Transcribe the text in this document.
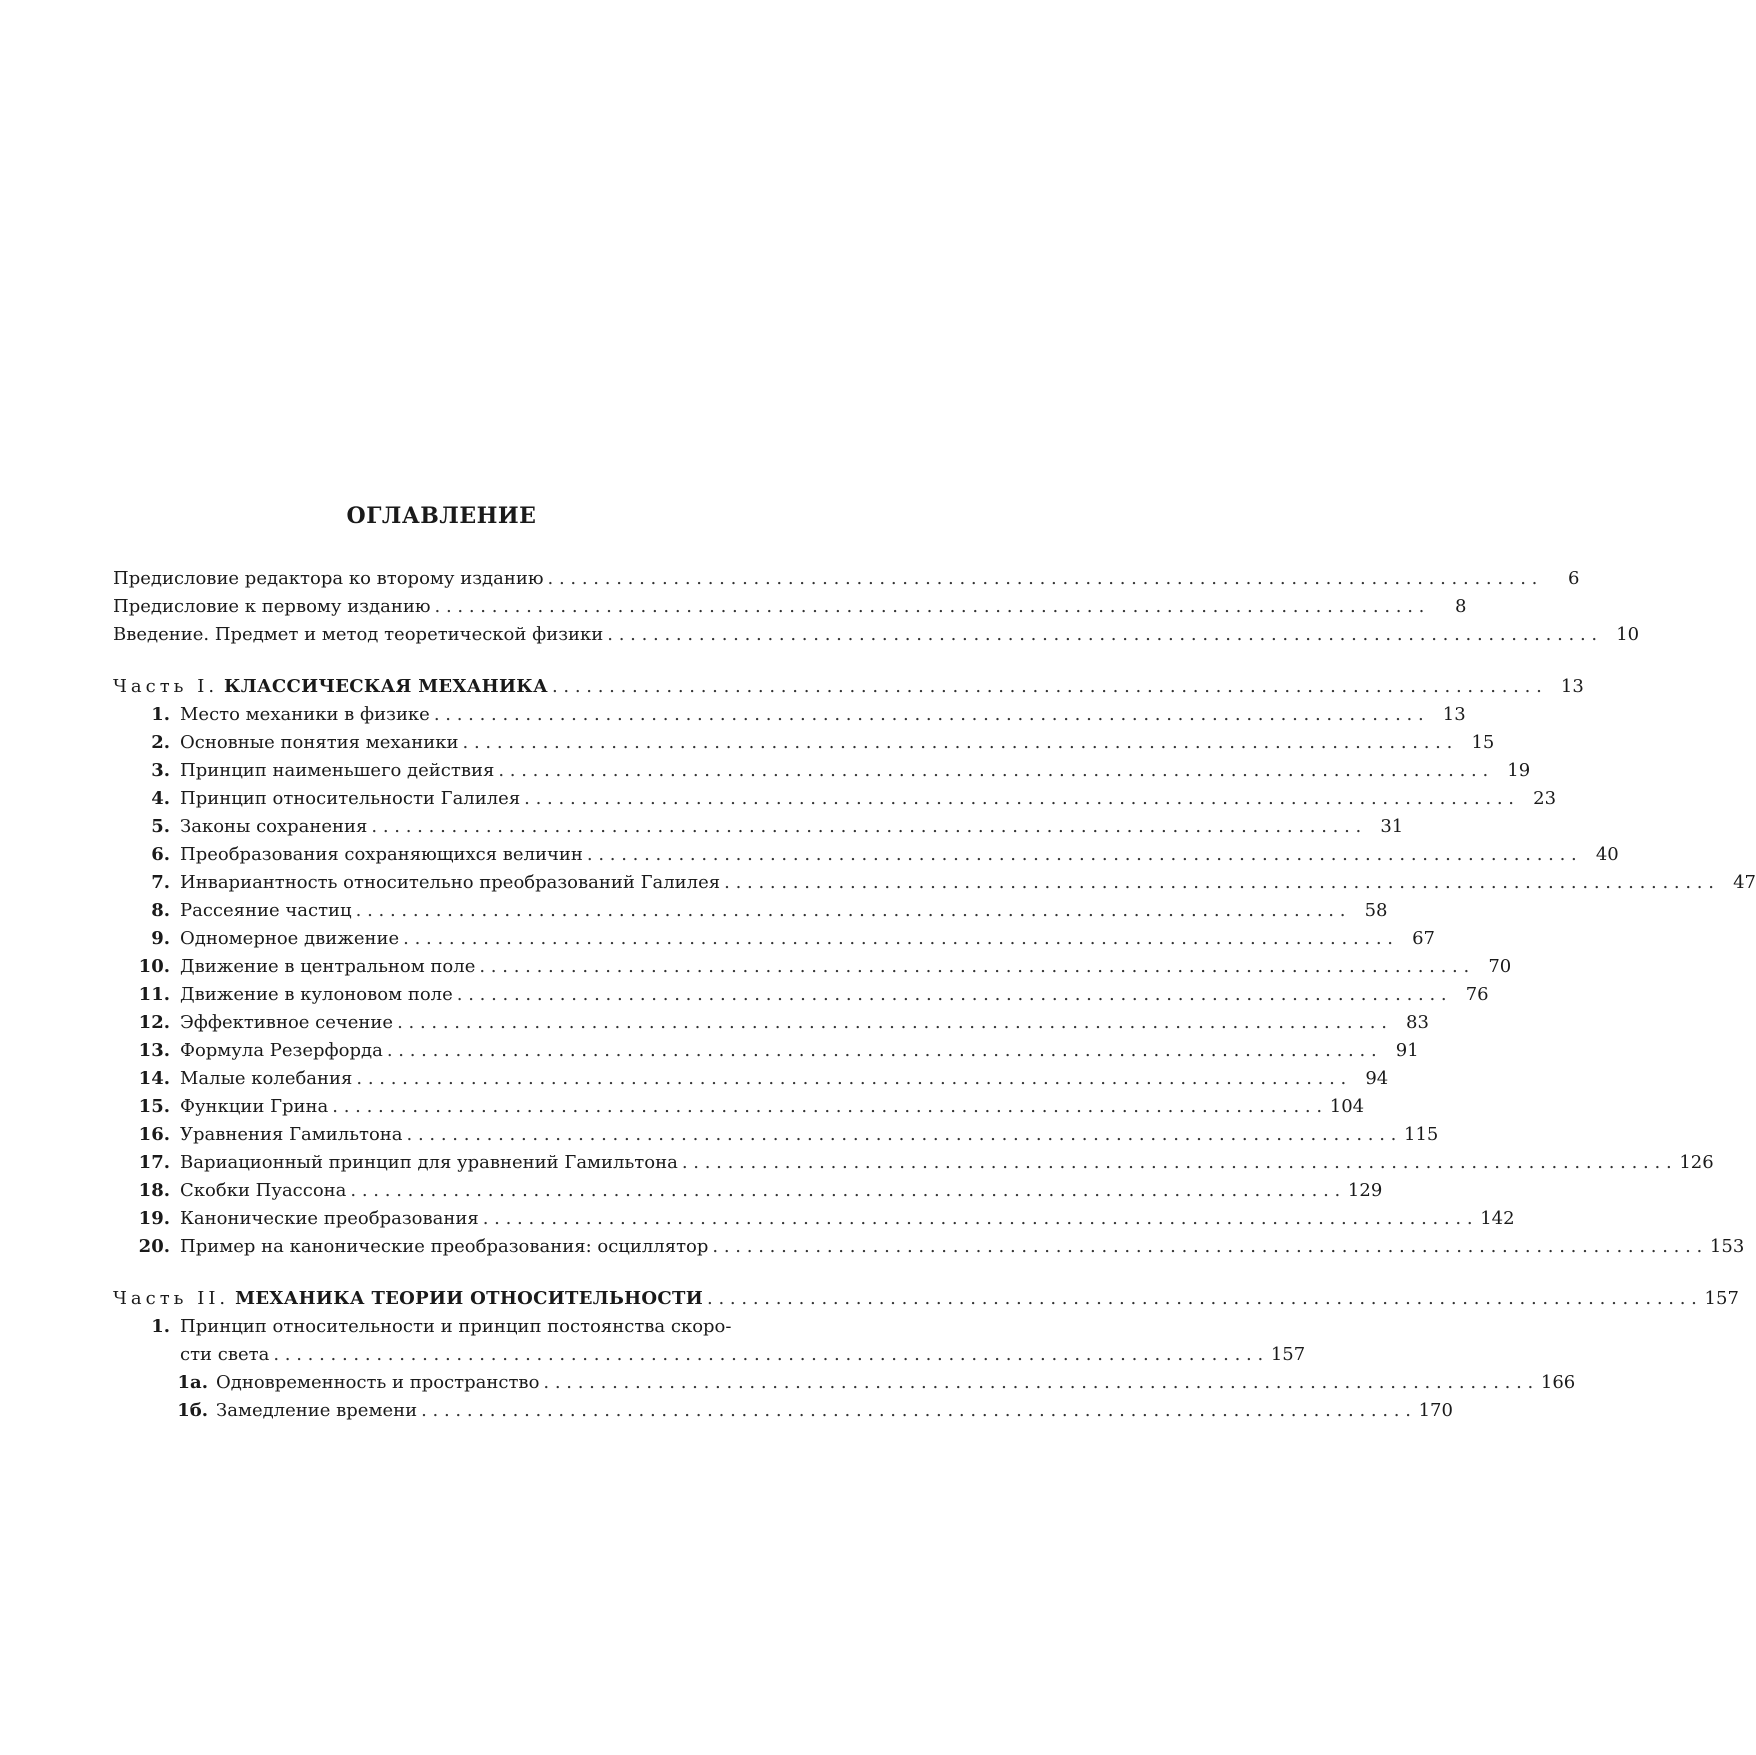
ОГЛАВЛЕНИЕ
Предисловие редактора ко второму изданию . . .	6
Предисловие к первому изданию . . .	8
Введение. Предмет и метод теоретической физики . . .	10
Часть I. КЛАССИЧЕСКАЯ МЕХАНИКА . . .	13
1. Место механики в физике . . .	13
2. Основные понятия механики . . .	15
3. Принцип наименьшего действия . . .	19
4. Принцип относительности Галилея . . .	23
5. Законы сохранения . . .	31
6. Преобразования сохраняющихся величин . . .	40
7. Инвариантность относительно преобразований Галилея . . .	47
8. Рассеяние частиц . . .	58
9. Одномерное движение . . .	67
10. Движение в центральном поле . . .	70
11. Движение в кулоновом поле . . .	76
12. Эффективное сечение . . .	83
13. Формула Резерфорда . . .	91
14. Малые колебания . . .	94
15. Функции Грина . . .	104
16. Уравнения Гамильтона . . .	115
17. Вариационный принцип для уравнений Гамильтона . . .	126
18. Скобки Пуассона . . .	129
19. Канонические преобразования . . .	142
20. Пример на канонические преобразования: осциллятор . . .	153
Часть II. МЕХАНИКА ТЕОРИИ ОТНОСИТЕЛЬНОСТИ . . .	157
1. Принцип относительности и принцип постоянства скоро-
сти света . . .	157
1а. Одновременность и пространство . . .	166
1б. Замедление времени . . .	170
